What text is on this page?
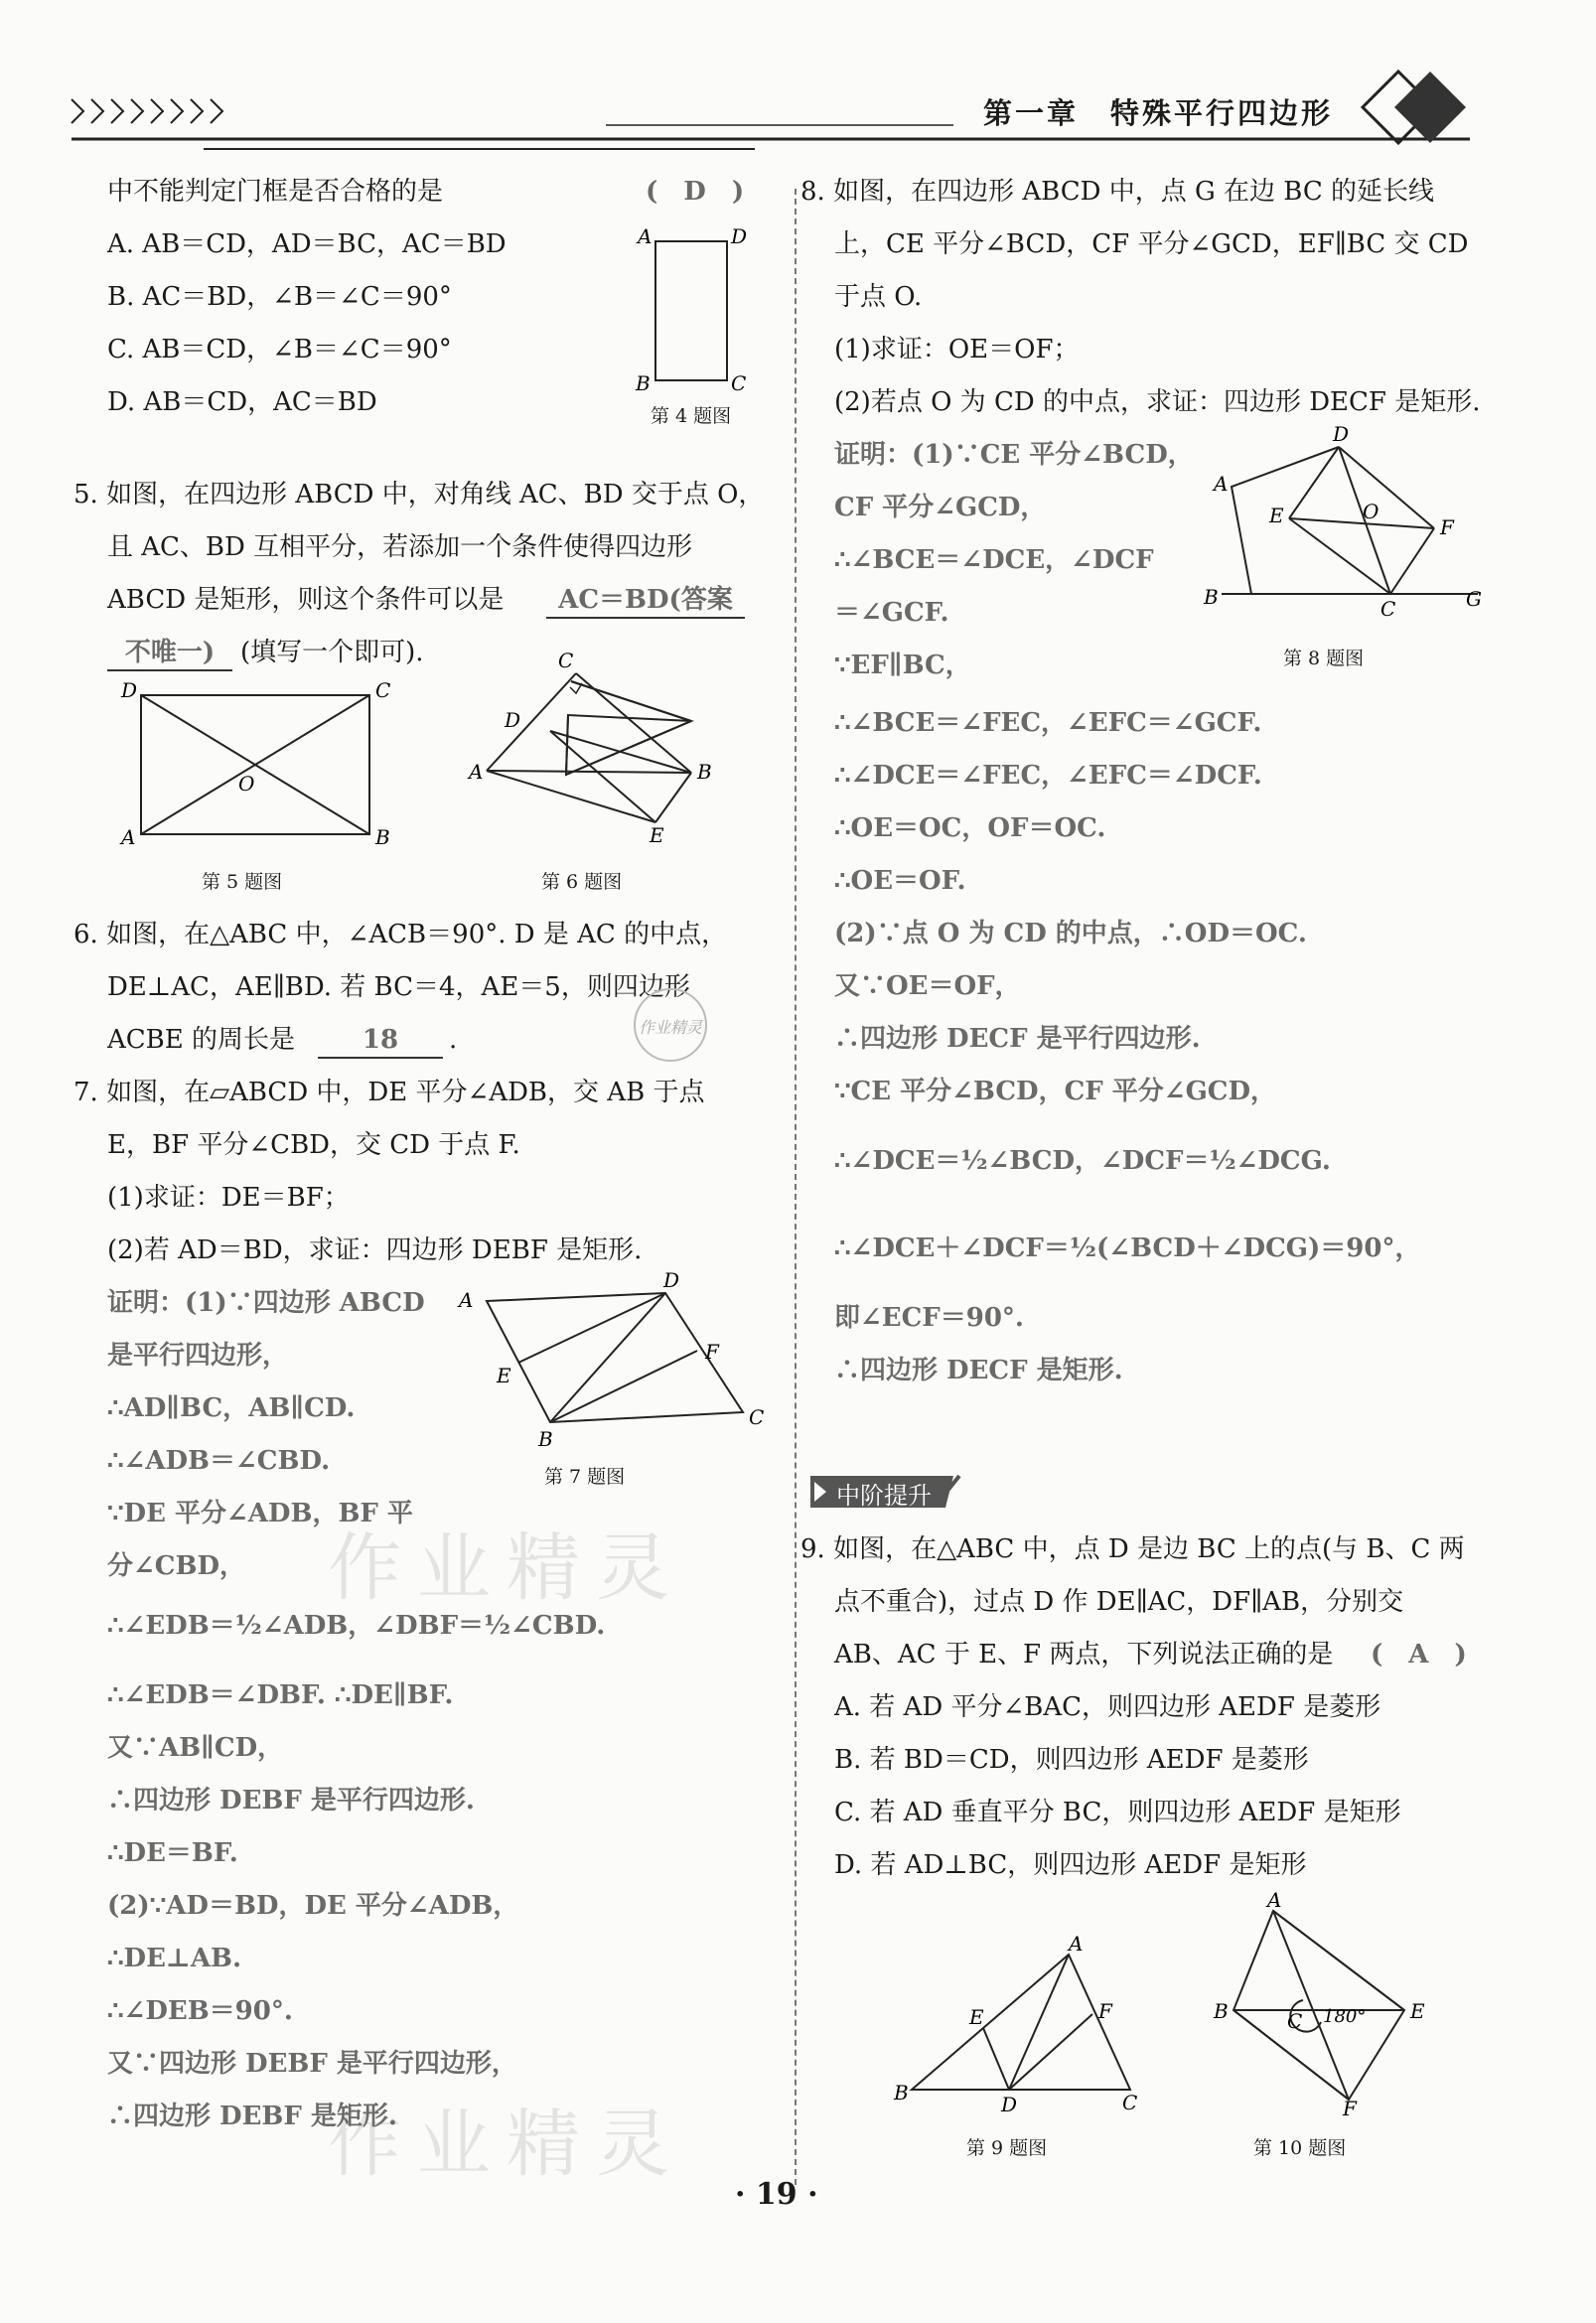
第一章　特殊平行四边形
作业精灵
作业精灵
中不能判定门框是否合格的是	(　D　)
A. AB＝CD，AD＝BC，AC＝BD
B. AC＝BD，∠B＝∠C＝90°
C. AB＝CD，∠B＝∠C＝90°
D. AB＝CD，AC＝BD
A	D
B	C
第 4 题图
5. 如图，在四边形 ABCD 中，对角线 AC、BD 交于点 O，
且 AC、BD 互相平分，若添加一个条件使得四边形
ABCD 是矩形，则这个条件可以是	AC＝BD(答案
不唯一) (填写一个即可).
D	C
A	B
O
第 5 题图
C
D
A	B
E
第 6 题图
6. 如图，在△ABC 中，∠ACB＝90°. D 是 AC 的中点，
DE⊥AC，AE∥BD. 若 BC＝4，AE＝5，则四边形
ACBE 的周长是	18	.	作业精灵
7. 如图，在▱ABCD 中，DE 平分∠ADB，交 AB 于点
E，BF 平分∠CBD，交 CD 于点 F.
(1)求证：DE＝BF；
(2)若 AD＝BD，求证：四边形 DEBF 是矩形.
A
D
E
F
B
C
第 7 题图
证明：(1)∵四边形 ABCD
是平行四边形，
∴AD∥BC，AB∥CD.
∴∠ADB＝∠CBD.
∵DE 平分∠ADB，BF 平
分∠CBD，
∴∠EDB＝½∠ADB，∠DBF＝½∠CBD.
∴∠EDB＝∠DBF. ∴DE∥BF.
又∵AB∥CD，
∴四边形 DEBF 是平行四边形.
∴DE＝BF.
(2)∵AD＝BD，DE 平分∠ADB，
∴DE⊥AB.
∴∠DEB＝90°.
又∵四边形 DEBF 是平行四边形，
∴四边形 DEBF 是矩形.
8. 如图，在四边形 ABCD 中，点 G 在边 BC 的延长线
上，CE 平分∠BCD，CF 平分∠GCD，EF∥BC 交 CD
于点 O.
(1)求证：OE＝OF；
(2)若点 O 为 CD 的中点，求证：四边形 DECF 是矩形.
A
D
E	O
F
B	C	G
第 8 题图
证明：(1)∵CE 平分∠BCD，
CF 平分∠GCD，
∴∠BCE＝∠DCE，∠DCF
＝∠GCF.
∵EF∥BC，
∴∠BCE＝∠FEC，∠EFC＝∠GCF.
∴∠DCE＝∠FEC，∠EFC＝∠DCF.
∴OE＝OC，OF＝OC.
∴OE＝OF.
(2)∵点 O 为 CD 的中点，∴OD＝OC.
又∵OE＝OF，
∴四边形 DECF 是平行四边形.
∵CE 平分∠BCD，CF 平分∠GCD，
∴∠DCE＝½∠BCD，∠DCF＝½∠DCG.
∴∠DCE＋∠DCF＝½(∠BCD＋∠DCG)＝90°，
即∠ECF＝90°.
∴四边形 DECF 是矩形.
中阶提升
9. 如图，在△ABC 中，点 D 是边 BC 上的点(与 B、C 两
点不重合)，过点 D 作 DE∥AC，DF∥AB，分别交
AB、AC 于 E、F 两点，下列说法正确的是 (　A　)
A. 若 AD 平分∠BAC，则四边形 AEDF 是菱形
B. 若 BD＝CD，则四边形 AEDF 是菱形
C. 若 AD 垂直平分 BC，则四边形 AEDF 是矩形
D. 若 AD⊥BC，则四边形 AEDF 是矩形
A
E	F
B	D	C
第 9 题图
A
B	C 180° E
F
第 10 题图
· 19 ·
